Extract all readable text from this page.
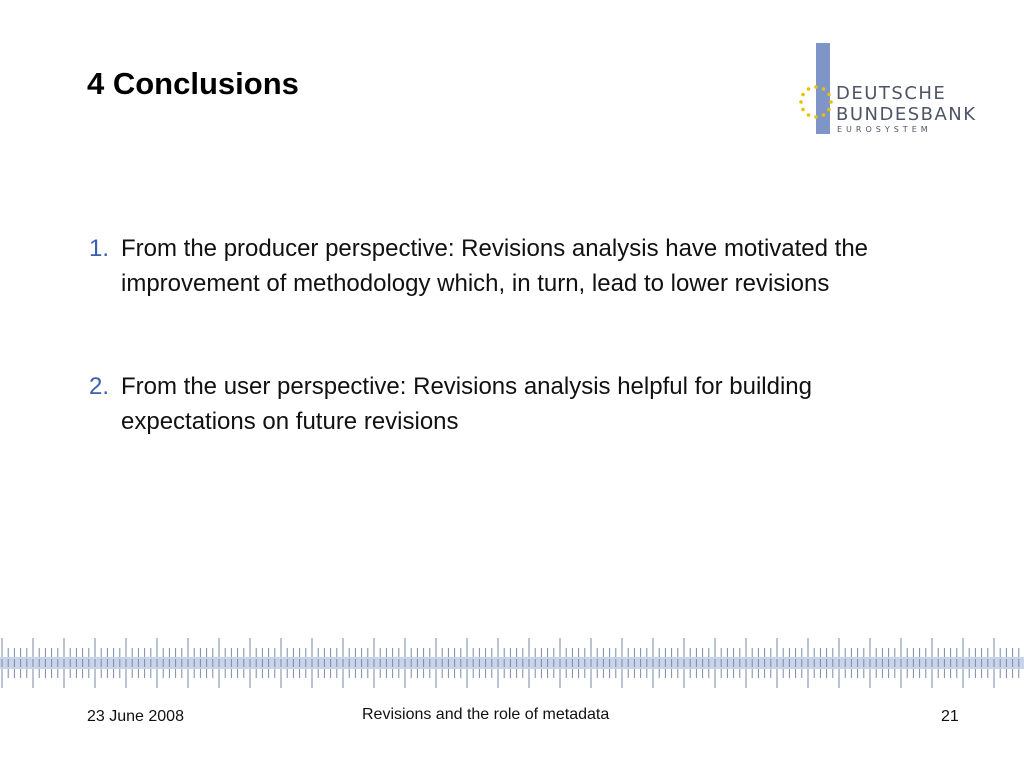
4 Conclusions	DEUTSCHE
BUNDESBANK
EUROSYSTEM
1. From the producer perspective: Revisions analysis have motivated the improvement of methodology which, in turn, lead to lower revisions
2. From the user perspective: Revisions analysis helpful for building expectations on future revisions
23 June 2008	Revisions and the role of metadata	21
